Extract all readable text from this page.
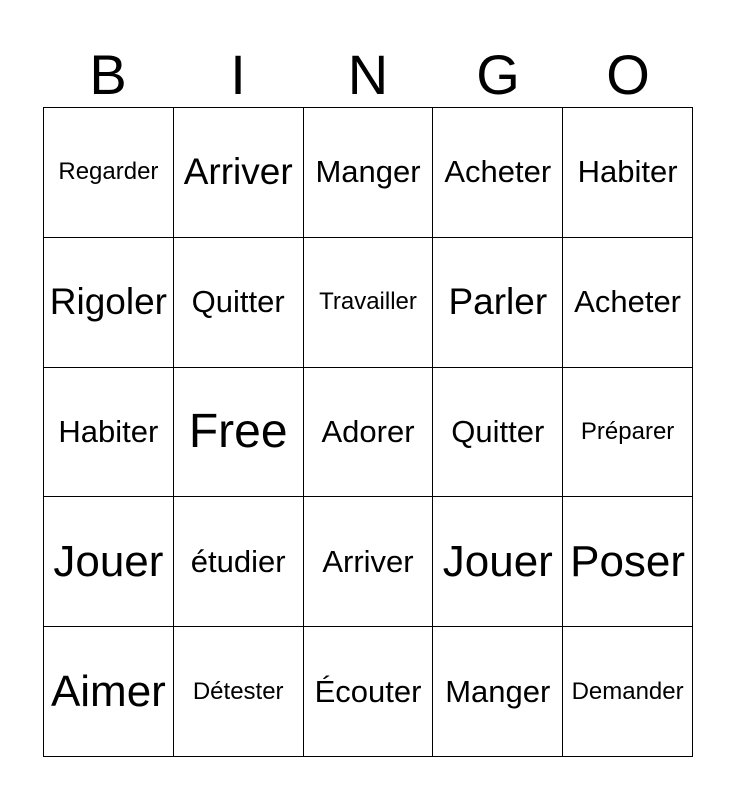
B	I	N	G	O
Regarder Arriver Manger Acheter Habiter
Rigoler Quitter	Travailler Parler Acheter
Habiter Free	Adorer	Quitter	Préparer
Jouer étudier	Arriver Jouer Poser
Aimer	Détester	Écouter Manger Demander
